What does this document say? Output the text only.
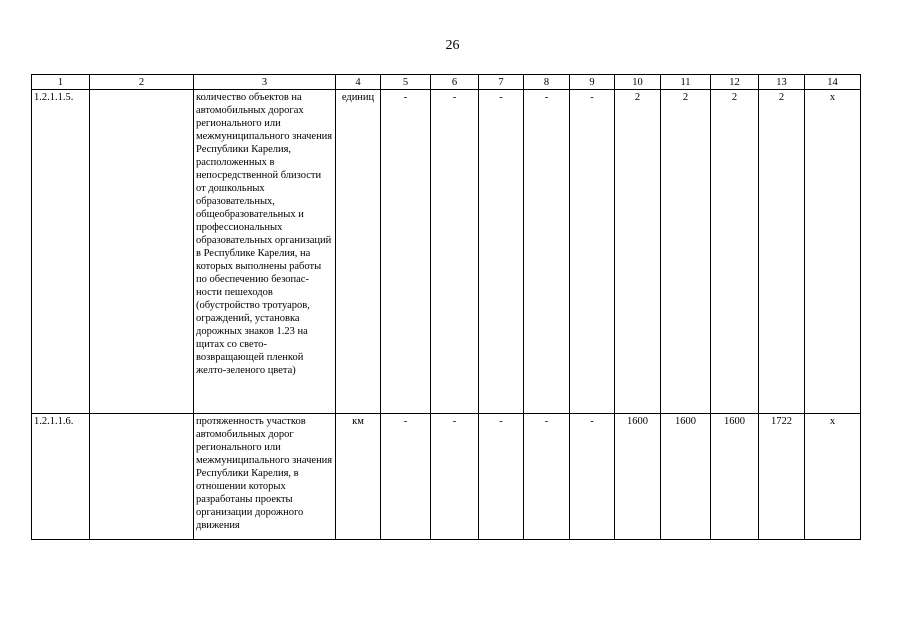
26
1	2	3	4	5	6	7	8	9	10	11	12	13	14
1.2.1.1.5.		количество объектов на автомобильных дорогах регионального или межмуниципального значения Республики Карелия, расположенных в непосредственной близости от дошкольных образовательных, общеобразовательных и профессиональных образовательных организаций в Республике Карелия, на которых выполнены работы по обеспечению безопас-ности пешеходов (обустройство тротуаров, ограждений, установка дорожных знаков 1.23 на щитах со свето-возвращающей пленкой желто-зеленого цвета)	единиц	-	-	-	-	-	2	2	2	2	х
1.2.1.1.6.		протяженность участков автомобильных дорог регионального или межмуниципального значения Республики Карелия, в отношении которых разработаны проекты организации дорожного движения	км	-	-	-	-	-	1600	1600	1600	1722	х
